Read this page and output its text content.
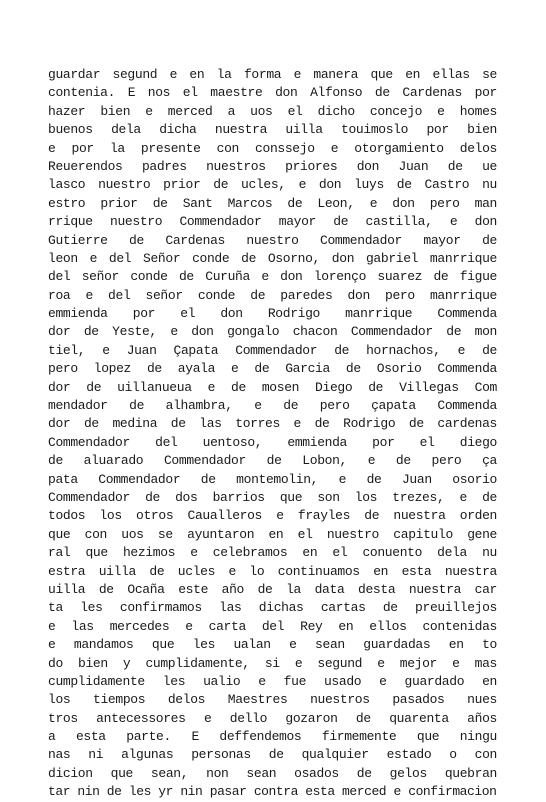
guardar segund e en la forma e manera que en ellas se
contenia. E nos el maestre don Alfonso de Cardenas por
hazer bien e merced a uos el dicho concejo e homes
buenos dela dicha nuestra uilla touimoslo por bien
e por la presente con conssejo e otorgamiento delos
Reuerendos padres nuestros priores don Juan de ue
lasco nuestro prior de ucles, e don luys de Castro nu
estro prior de Sant Marcos de Leon, e don pero man
rrique nuestro Commendador mayor de castilla, e don
Gutierre de Cardenas nuestro Commendador mayor de
leon e del Señor conde de Osorno, don gabriel manrrique
del señor conde de Curuña e don lorenço suarez de figue
roa e del señor conde de paredes don pero manrrique
emmienda por el don Rodrigo manrrique Commenda
dor de Yeste, e don gongalo chacon Commendador de mon
tiel, e Juan Çapata Commendador de hornachos, e de
pero lopez de ayala e de Garcia de Osorio Commenda
dor de uillanueua e de mosen Diego de Villegas Com
mendador de alhambra, e de pero çapata Commenda
dor de medina de las torres e de Rodrigo de cardenas
Commendador del uentoso, emmienda por el diego
de aluarado Commendador de Lobon, e de pero ça
pata Commendador de montemolin, e de Juan osorio
Commendador de dos barrios que son los trezes, e de
todos los otros Caualleros e frayles de nuestra orden
que con uos se ayuntaron en el nuestro capitulo gene
ral que hezimos e celebramos en el conuento dela nu
estra uilla de ucles e lo continuamos en esta nuestra
uilla de Ocaña este año de la data desta nuestra car
ta les confirmamos las dichas cartas de preuillejos
e las mercedes e carta del Rey en ellos contenidas
e mandamos que les ualan e sean guardadas en to
do bien y cumplidamente, si e segund e mejor e mas
cumplidamente les ualio e fue usado e guardado en
los tiempos delos Maestres nuestros pasados nues
tros antecessores e dello gozaron de quarenta años
a esta parte. E deffendemos firmemente que ningu
nas ni algunas personas de qualquier estado o con
dicion que sean, non sean osados de gelos quebran
tar nin de les yr nin pasar contra esta merced e confirmacion
